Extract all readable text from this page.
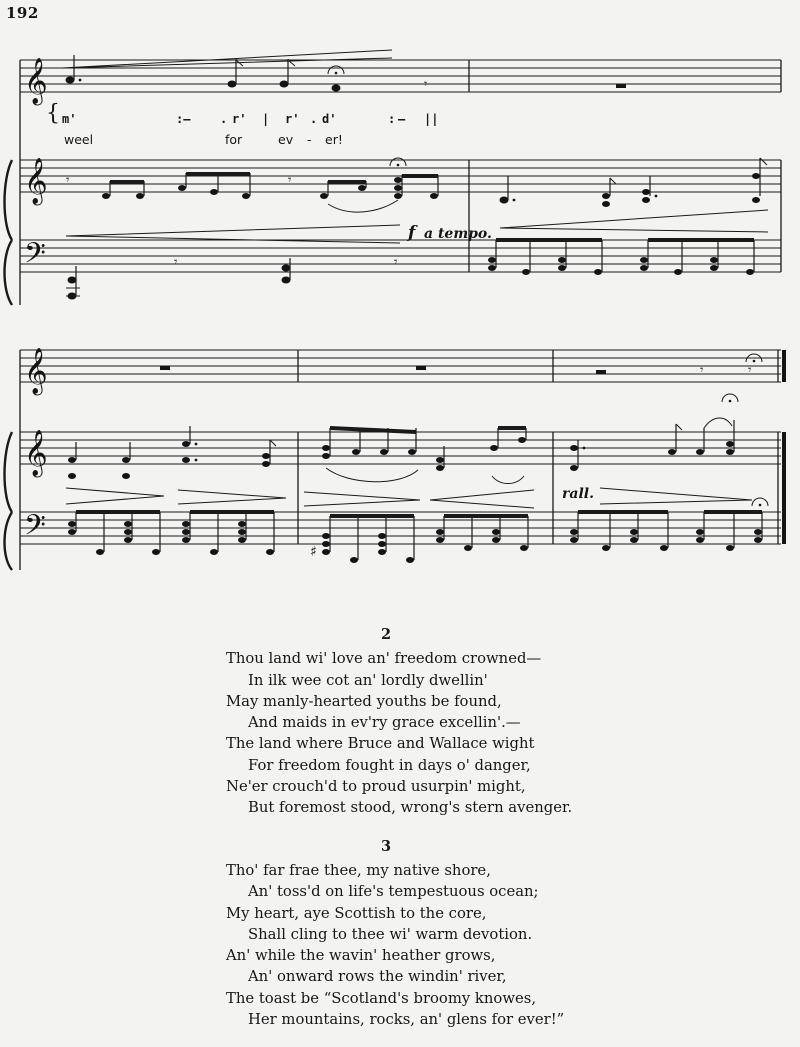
192
𝄞
𝄞
𝄢
𝄾
{ m'	:— . r' | r' . d'	: — ||
weel	for	ev - er!
𝄾	𝄾
f a tempo.
𝄾	𝄾
𝄞
𝄞
𝄢
𝄾	𝄾
rall.
♯
2
Thou land wi' love an' freedom crowned—
In ilk wee cot an' lordly dwellin'
May manly-hearted youths be found,
And maids in ev'ry grace excellin'.—
The land where Bruce and Wallace wight
For freedom fought in days o' danger,
Ne'er crouch'd to proud usurpin' might,
But foremost stood, wrong's stern avenger.
3
Tho' far frae thee, my native shore,
An' toss'd on life's tempestuous ocean;
My heart, aye Scottish to the core,
Shall cling to thee wi' warm devotion.
An' while the wavin' heather grows,
An' onward rows the windin' river,
The toast be “Scotland's broomy knowes,
Her mountains, rocks, an' glens for ever!”
